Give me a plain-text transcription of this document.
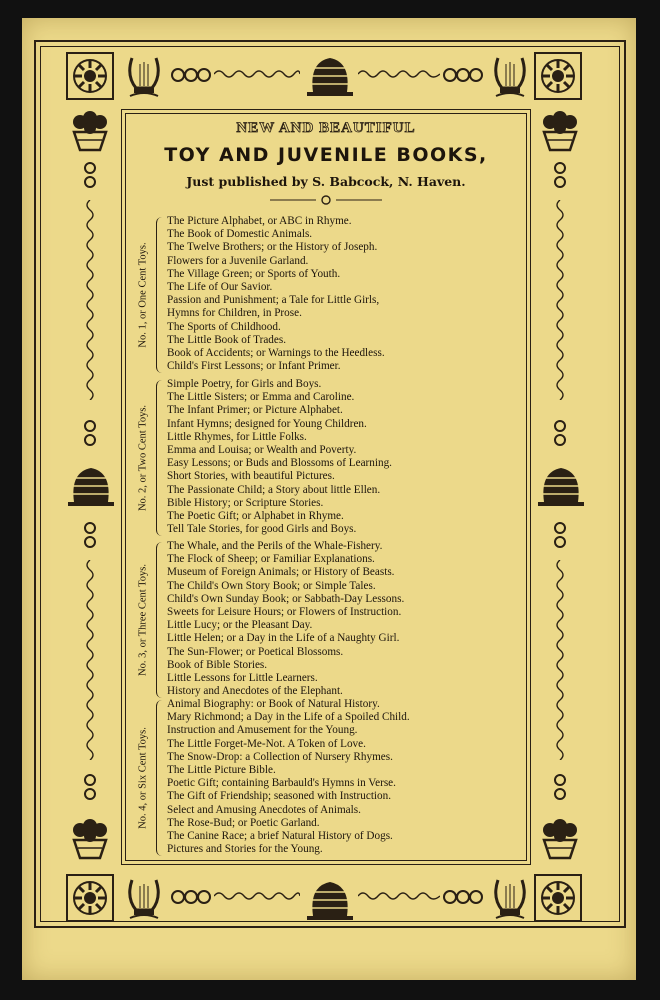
NEW AND BEAUTIFUL
TOY AND JUVENILE BOOKS,
Just published by S. Babcock, N. Haven.
No. 1, or One Cent Toys.
The Picture Alphabet, or ABC in Rhyme.
The Book of Domestic Animals.
The Twelve Brothers; or the History of Joseph.
Flowers for a Juvenile Garland.
The Village Green; or Sports of Youth.
The Life of Our Savior.
Passion and Punishment; a Tale for Little Girls,
Hymns for Children, in Prose.
The Sports of Childhood.
The Little Book of Trades.
Book of Accidents; or Warnings to the Heedless.
Child's First Lessons; or Infant Primer.
No. 2, or Two Cent Toys.
Simple Poetry, for Girls and Boys.
The Little Sisters; or Emma and Caroline.
The Infant Primer; or Picture Alphabet.
Infant Hymns; designed for Young Children.
Little Rhymes, for Little Folks.
Emma and Louisa; or Wealth and Poverty.
Easy Lessons; or Buds and Blossoms of Learning.
Short Stories, with beautiful Pictures.
The Passionate Child; a Story about little Ellen.
Bible History; or Scripture Stories.
The Poetic Gift; or Alphabet in Rhyme.
Tell Tale Stories, for good Girls and Boys.
No. 3, or Three Cent Toys.
The Whale, and the Perils of the Whale-Fishery.
The Flock of Sheep; or Familiar Explanations.
Museum of Foreign Animals; or History of Beasts.
The Child's Own Story Book; or Simple Tales.
Child's Own Sunday Book; or Sabbath-Day Lessons.
Sweets for Leisure Hours; or Flowers of Instruction.
Little Lucy; or the Pleasant Day.
Little Helen; or a Day in the Life of a Naughty Girl.
The Sun-Flower; or Poetical Blossoms.
Book of Bible Stories.
Little Lessons for Little Learners.
History and Anecdotes of the Elephant.
No. 4, or Six Cent Toys.
Animal Biography: or Book of Natural History.
Mary Richmond; a Day in the Life of a Spoiled Child.
Instruction and Amusement for the Young.
The Little Forget-Me-Not. A Token of Love.
The Snow-Drop: a Collection of Nursery Rhymes.
The Little Picture Bible.
Poetic Gift; containing Barbauld's Hymns in Verse.
The Gift of Friendship; seasoned with Instruction.
Select and Amusing Anecdotes of Animals.
The Rose-Bud; or Poetic Garland.
The Canine Race; a brief Natural History of Dogs.
Pictures and Stories for the Young.
